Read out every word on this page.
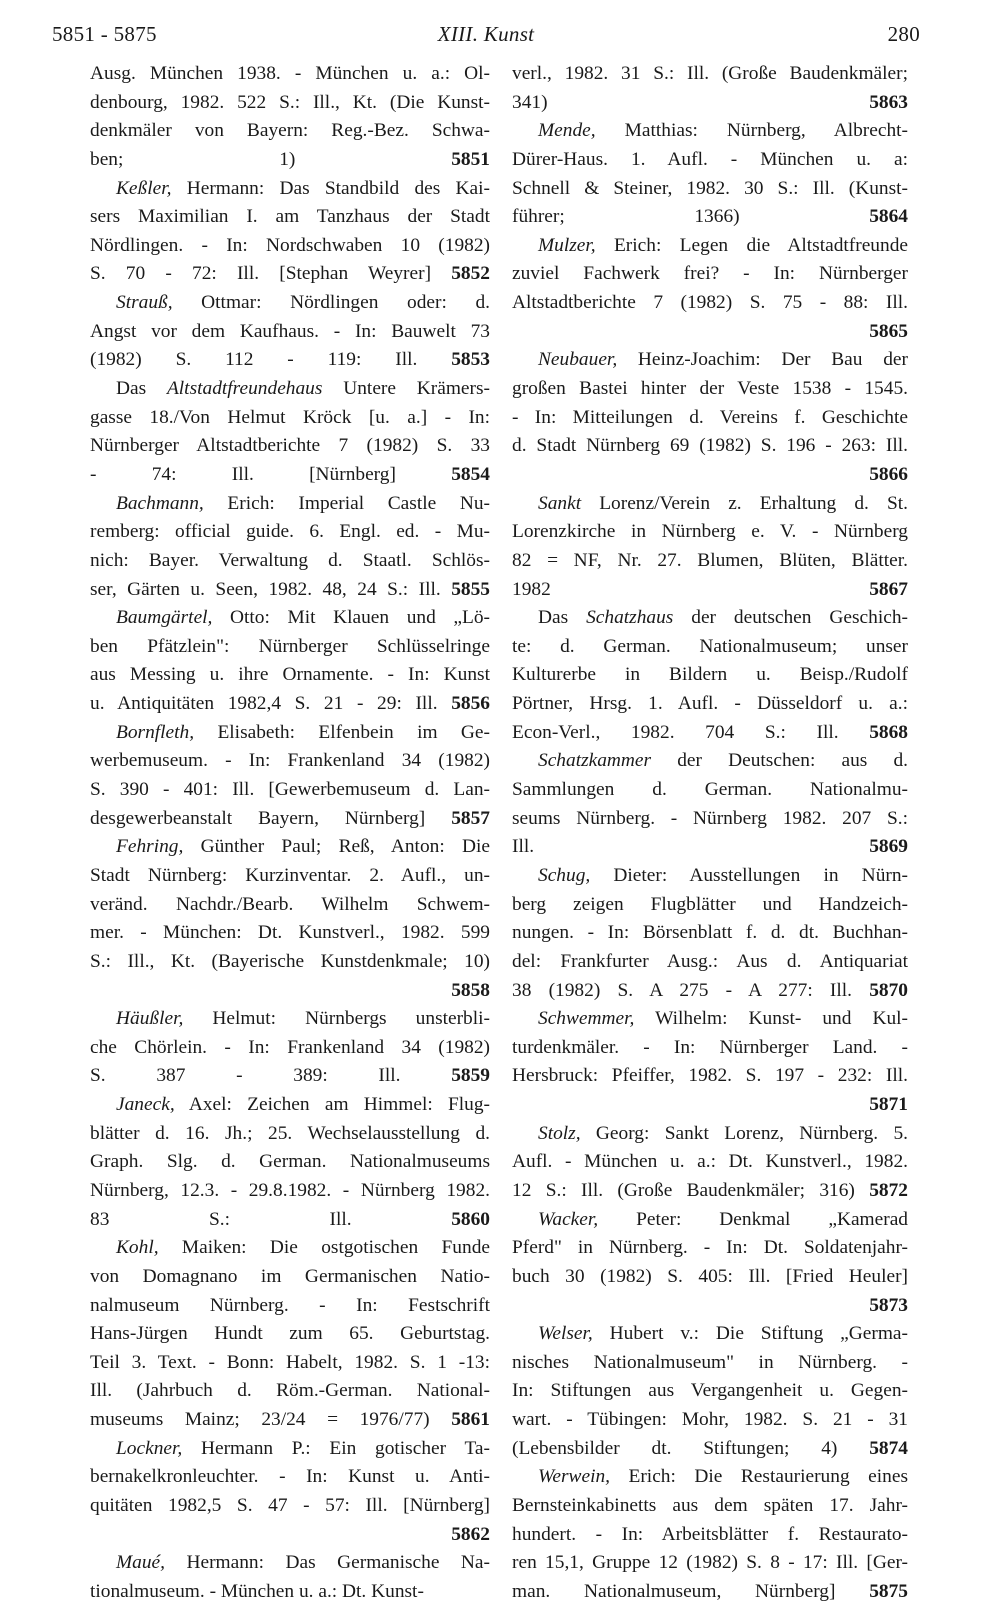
5851 - 5875	XIII. Kunst	280
Ausg. München 1938. - München u. a.: Ol-
denbourg, 1982. 522 S.: Ill., Kt. (Die Kunst-
denkmäler von Bayern: Reg.-Bez. Schwa-
ben; 1)	5851
Keßler, Hermann: Das Standbild des Kai-
sers Maximilian I. am Tanzhaus der Stadt
Nördlingen. - In: Nordschwaben 10 (1982)
S. 70 - 72: Ill. [Stephan Weyrer] 5852
Strauß, Ottmar: Nördlingen oder: d.
Angst vor dem Kaufhaus. - In: Bauwelt 73
(1982) S. 112 - 119: Ill. 5853
Das Altstadtfreundehaus Untere Krämers-
gasse 18./Von Helmut Kröck [u. a.] - In:
Nürnberger Altstadtberichte 7 (1982) S. 33
- 74: Ill. [Nürnberg]	5854
Bachmann, Erich: Imperial Castle Nu-
remberg: official guide. 6. Engl. ed. - Mu-
nich: Bayer. Verwaltung d. Staatl. Schlös-
ser, Gärten u. Seen, 1982. 48, 24 S.: Ill. 5855
Baumgärtel, Otto: Mit Klauen und „Lö-
ben Pfätzlein": Nürnberger Schlüsselringe
aus Messing u. ihre Ornamente. - In: Kunst
u. Antiquitäten 1982,4 S. 21 - 29: Ill. 5856
Bornfleth, Elisabeth: Elfenbein im Ge-
werbemuseum. - In: Frankenland 34 (1982)
S. 390 - 401: Ill. [Gewerbemuseum d. Lan-
desgewerbeanstalt Bayern, Nürnberg] 5857
Fehring, Günther Paul; Reß, Anton: Die
Stadt Nürnberg: Kurzinventar. 2. Aufl., un-
veränd. Nachdr./Bearb. Wilhelm Schwem-
mer. - München: Dt. Kunstverl., 1982. 599
S.: Ill., Kt. (Bayerische Kunstdenkmale; 10)
5858
Häußler, Helmut: Nürnbergs unsterbli-
che Chörlein. - In: Frankenland 34 (1982)
S. 387 - 389: Ill.	5859
Janeck, Axel: Zeichen am Himmel: Flug-
blätter d. 16. Jh.; 25. Wechselausstellung d.
Graph. Slg. d. German. Nationalmuseums
Nürnberg, 12.3. - 29.8.1982. - Nürnberg 1982.
83 S.: Ill.	5860
Kohl, Maiken: Die ostgotischen Funde
von Domagnano im Germanischen Natio-
nalmuseum Nürnberg. - In: Festschrift
Hans-Jürgen Hundt zum 65. Geburtstag.
Teil 3. Text. - Bonn: Habelt, 1982. S. 1 -13:
Ill. (Jahrbuch d. Röm.-German. National-
museums Mainz; 23/24 = 1976/77) 5861
Lockner, Hermann P.: Ein gotischer Ta-
bernakelkronleuchter. - In: Kunst u. Anti-
quitäten 1982,5 S. 47 - 57: Ill. [Nürnberg]
5862
Maué, Hermann: Das Germanische Na-
tionalmuseum. - München u. a.: Dt. Kunst-
verl., 1982. 31 S.: Ill. (Große Baudenkmäler;
341)	5863
Mende, Matthias: Nürnberg, Albrecht-
Dürer-Haus. 1. Aufl. - München u. a:
Schnell & Steiner, 1982. 30 S.: Ill. (Kunst-
führer; 1366)	5864
Mulzer, Erich: Legen die Altstadtfreunde
zuviel Fachwerk frei? - In: Nürnberger
Altstadtberichte 7 (1982) S. 75 - 88: Ill.
5865
Neubauer, Heinz-Joachim: Der Bau der
großen Bastei hinter der Veste 1538 - 1545.
- In: Mitteilungen d. Vereins f. Geschichte
d. Stadt Nürnberg 69 (1982) S. 196 - 263: Ill.
5866
Sankt Lorenz/Verein z. Erhaltung d. St.
Lorenzkirche in Nürnberg e. V. - Nürnberg
82 = NF, Nr. 27. Blumen, Blüten, Blätter.
1982	5867
Das Schatzhaus der deutschen Geschich-
te: d. German. Nationalmuseum; unser
Kulturerbe in Bildern u. Beisp./Rudolf
Pörtner, Hrsg. 1. Aufl. - Düsseldorf u. a.:
Econ-Verl., 1982. 704 S.: Ill. 5868
Schatzkammer der Deutschen: aus d.
Sammlungen d. German. Nationalmu-
seums Nürnberg. - Nürnberg 1982. 207 S.:
Ill.	5869
Schug, Dieter: Ausstellungen in Nürn-
berg zeigen Flugblätter und Handzeich-
nungen. - In: Börsenblatt f. d. dt. Buchhan-
del: Frankfurter Ausg.: Aus d. Antiquariat
38 (1982) S. A 275 - A 277: Ill. 5870
Schwemmer, Wilhelm: Kunst- und Kul-
turdenkmäler. - In: Nürnberger Land. -
Hersbruck: Pfeiffer, 1982. S. 197 - 232: Ill.
5871
Stolz, Georg: Sankt Lorenz, Nürnberg. 5.
Aufl. - München u. a.: Dt. Kunstverl., 1982.
12 S.: Ill. (Große Baudenkmäler; 316) 5872
Wacker, Peter: Denkmal „Kamerad
Pferd" in Nürnberg. - In: Dt. Soldatenjahr-
buch 30 (1982) S. 405: Ill. [Fried Heuler]
5873
Welser, Hubert v.: Die Stiftung „Germa-
nisches Nationalmuseum" in Nürnberg. -
In: Stiftungen aus Vergangenheit u. Gegen-
wart. - Tübingen: Mohr, 1982. S. 21 - 31
(Lebensbilder dt. Stiftungen; 4) 5874
Werwein, Erich: Die Restaurierung eines
Bernsteinkabinetts aus dem späten 17. Jahr-
hundert. - In: Arbeitsblätter f. Restaurato-
ren 15,1, Gruppe 12 (1982) S. 8 - 17: Ill. [Ger-
man. Nationalmuseum, Nürnberg] 5875
